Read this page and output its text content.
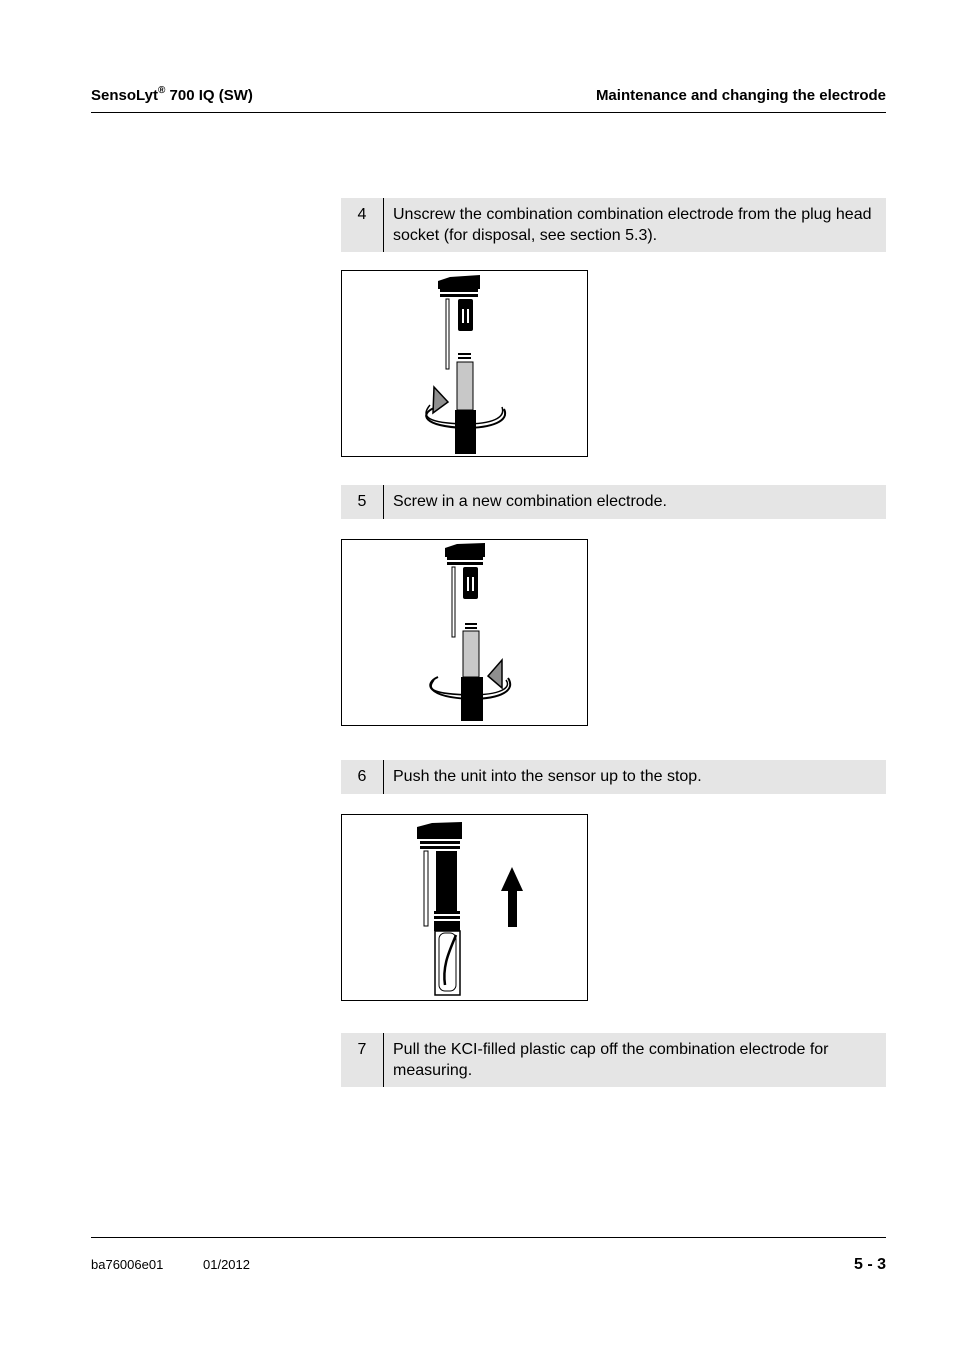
SensoLyt® 700 IQ (SW)	Maintenance and changing the electrode
4	Unscrew the combination combination electrode from the plug head socket (for disposal, see section 5.3).
5	Screw in a new combination electrode.
6	Push the unit into the sensor up to the stop.
7	Pull the KCI-filled plastic cap off the combination electrode for measuring.
ba76006e01	01/2012	5 - 3
